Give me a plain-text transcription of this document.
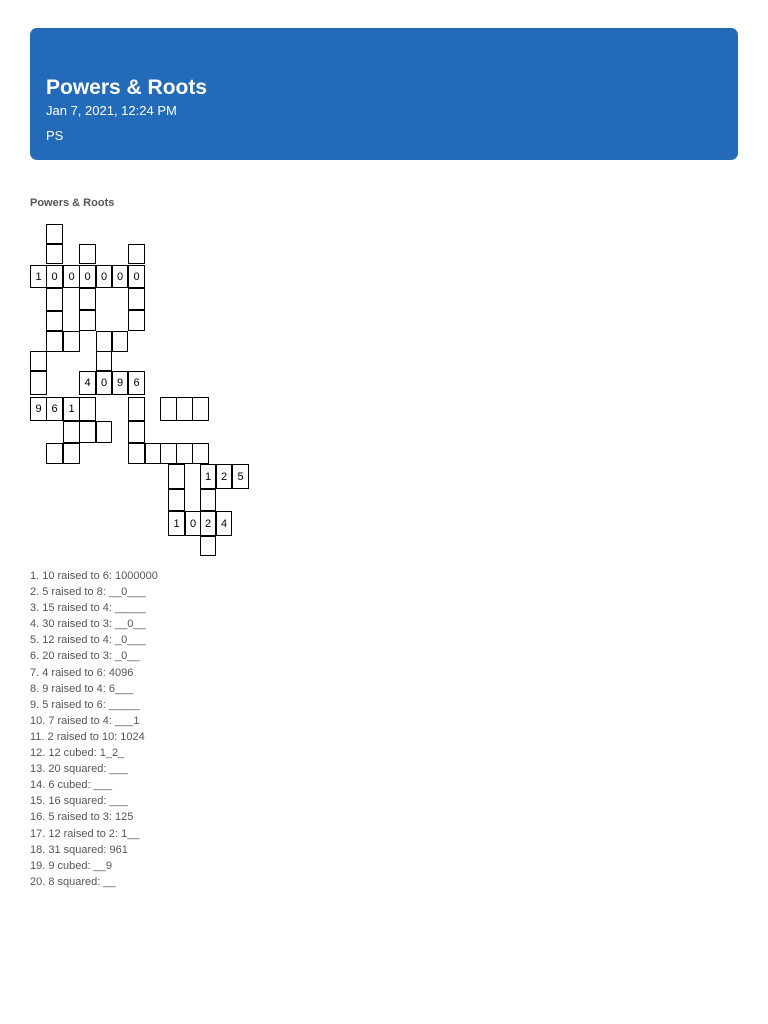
Powers & Roots
Jan 7, 2021, 12:24 PM
PS
Powers & Roots
1 0 0 0 0 0 0
4 0 9 6
9 6 1
1 2 5
1 0 2 4
1. 10 raised to 6: 1000000
2. 5 raised to 8: __0___
3. 15 raised to 4: _____
4. 30 raised to 3: __0__
5. 12 raised to 4: _0___
6. 20 raised to 3: _0__
7. 4 raised to 6: 4096
8. 9 raised to 4: 6___
9. 5 raised to 6: _____
10. 7 raised to 4: ___1
11. 2 raised to 10: 1024
12. 12 cubed: 1_2_
13. 20 squared: ___
14. 6 cubed: ___
15. 16 squared: ___
16. 5 raised to 3: 125
17. 12 raised to 2: 1__
18. 31 squared: 961
19. 9 cubed: __9
20. 8 squared: __
